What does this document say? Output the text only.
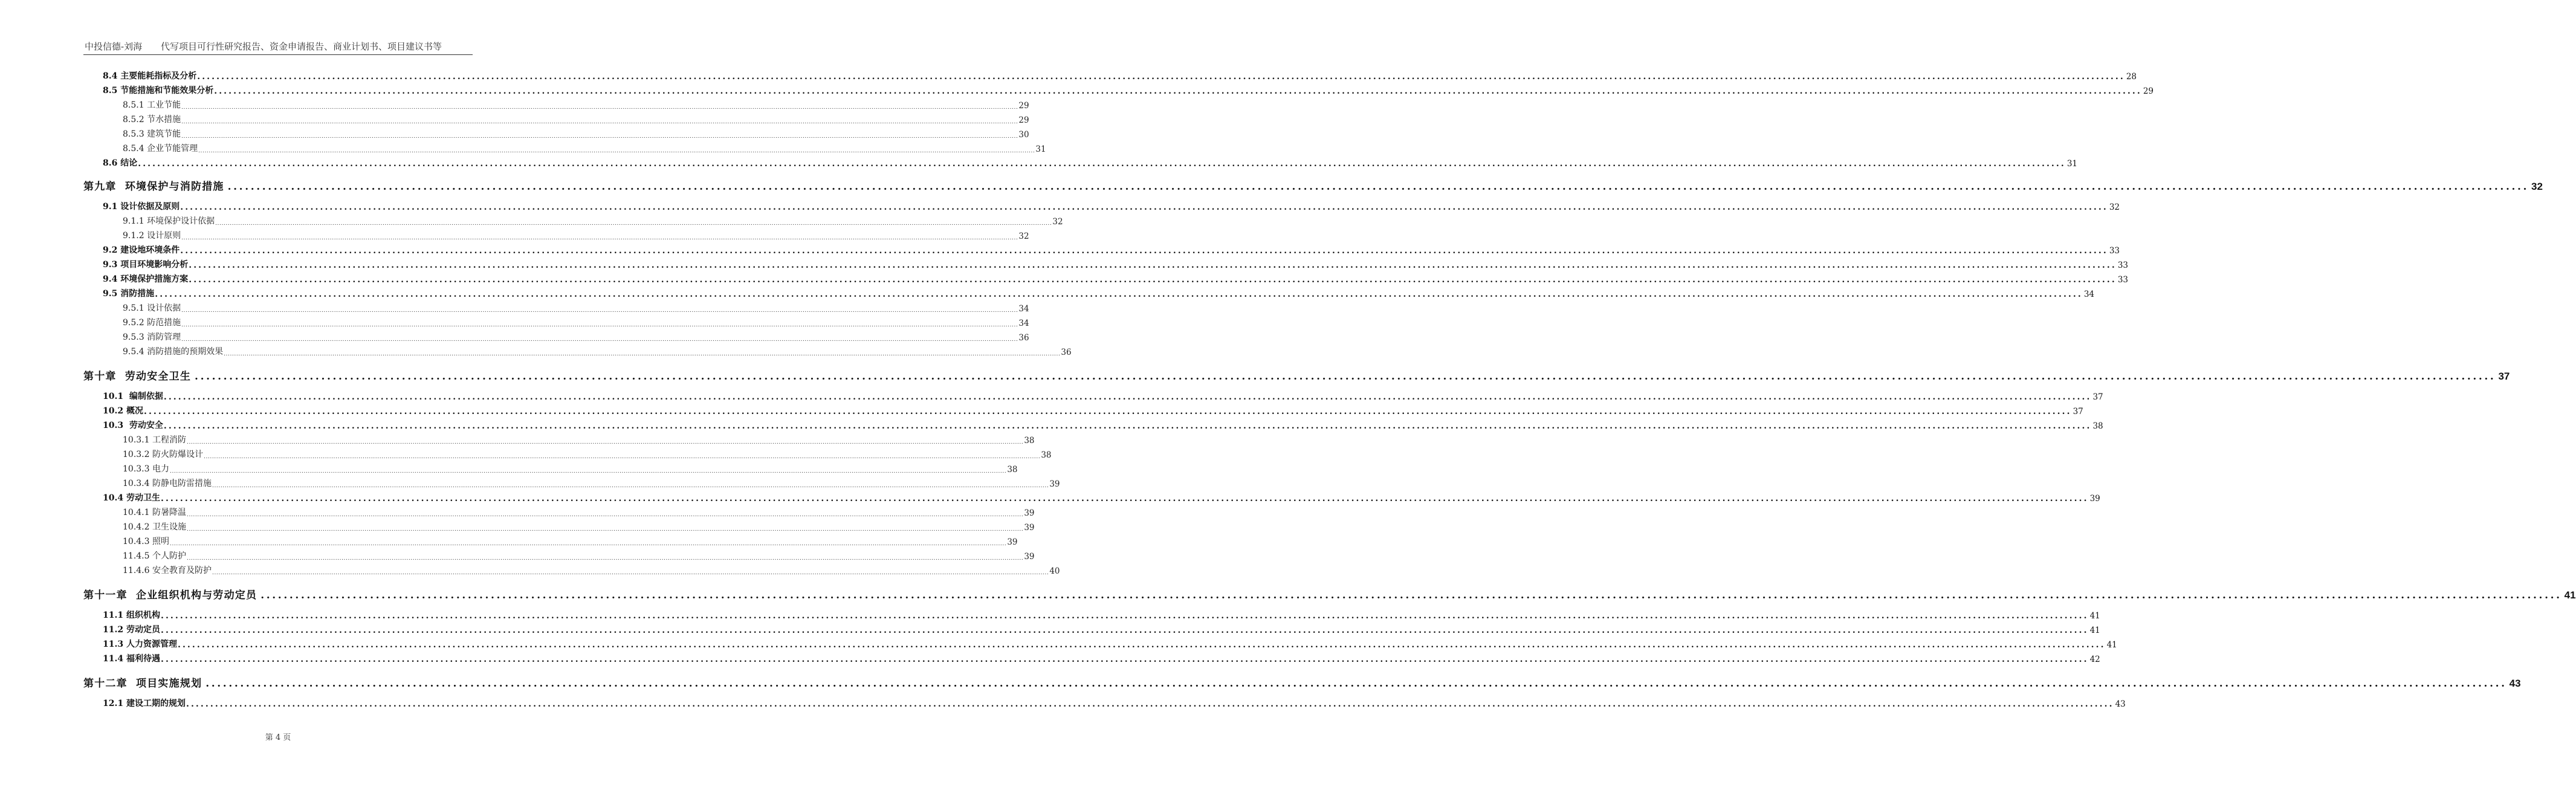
中投信德-刘海 代写项目可行性研究报告、资金申请报告、商业计划书、项目建议书等
8.4 主要能耗指标及分析 ................................................................................................................................................................................................................................................................................................................................................................................................................ 28
8.5 节能措施和节能效果分析 ................................................................................................................................................................................................................................................................................................................................................................................................................ 29
8.5.1 工业节能 ................................................................................................................................................................................................................................................................................................................................................................................................................ 29
8.5.2 节水措施 ................................................................................................................................................................................................................................................................................................................................................................................................................ 29
8.5.3 建筑节能 ................................................................................................................................................................................................................................................................................................................................................................................................................ 30
8.5.4 企业节能管理 ................................................................................................................................................................................................................................................................................................................................................................................................................ 31
8.6 结论 ................................................................................................................................................................................................................................................................................................................................................................................................................ 31
第九章  环境保护与消防措施 ................................................................................................................................................................................................................................................................................................................................................................................................................ 32
9.1 设计依据及原则 ................................................................................................................................................................................................................................................................................................................................................................................................................ 32
9.1.1 环境保护设计依据 ................................................................................................................................................................................................................................................................................................................................................................................................................ 32
9.1.2 设计原则 ................................................................................................................................................................................................................................................................................................................................................................................................................ 32
9.2 建设地环境条件 ................................................................................................................................................................................................................................................................................................................................................................................................................ 33
9.3 项目环境影响分析 ................................................................................................................................................................................................................................................................................................................................................................................................................ 33
9.4 环境保护措施方案 ................................................................................................................................................................................................................................................................................................................................................................................................................ 33
9.5 消防措施 ................................................................................................................................................................................................................................................................................................................................................................................................................ 34
9.5.1 设计依据 ................................................................................................................................................................................................................................................................................................................................................................................................................ 34
9.5.2 防范措施 ................................................................................................................................................................................................................................................................................................................................................................................................................ 34
9.5.3 消防管理 ................................................................................................................................................................................................................................................................................................................................................................................................................ 36
9.5.4 消防措施的预期效果 ................................................................................................................................................................................................................................................................................................................................................................................................................ 36
第十章  劳动安全卫生 ................................................................................................................................................................................................................................................................................................................................................................................................................ 37
10.1  编制依据 ................................................................................................................................................................................................................................................................................................................................................................................................................ 37
10.2 概况 ................................................................................................................................................................................................................................................................................................................................................................................................................ 37
10.3  劳动安全 ................................................................................................................................................................................................................................................................................................................................................................................................................ 38
10.3.1 工程消防 ................................................................................................................................................................................................................................................................................................................................................................................................................ 38
10.3.2 防火防爆设计 ................................................................................................................................................................................................................................................................................................................................................................................................................ 38
10.3.3 电力 ................................................................................................................................................................................................................................................................................................................................................................................................................ 38
10.3.4 防静电防雷措施 ................................................................................................................................................................................................................................................................................................................................................................................................................ 39
10.4 劳动卫生 ................................................................................................................................................................................................................................................................................................................................................................................................................ 39
10.4.1 防暑降温 ................................................................................................................................................................................................................................................................................................................................................................................................................ 39
10.4.2 卫生设施 ................................................................................................................................................................................................................................................................................................................................................................................................................ 39
10.4.3 照明 ................................................................................................................................................................................................................................................................................................................................................................................................................ 39
11.4.5 个人防护 ................................................................................................................................................................................................................................................................................................................................................................................................................ 39
11.4.6 安全教育及防护 ................................................................................................................................................................................................................................................................................................................................................................................................................ 40
第十一章  企业组织机构与劳动定员 ................................................................................................................................................................................................................................................................................................................................................................................................................ 41
11.1 组织机构 ................................................................................................................................................................................................................................................................................................................................................................................................................ 41
11.2 劳动定员 ................................................................................................................................................................................................................................................................................................................................................................................................................ 41
11.3 人力资源管理 ................................................................................................................................................................................................................................................................................................................................................................................................................ 41
11.4 福利待遇 ................................................................................................................................................................................................................................................................................................................................................................................................................ 42
第十二章  项目实施规划 ................................................................................................................................................................................................................................................................................................................................................................................................................ 43
12.1 建设工期的规划 ................................................................................................................................................................................................................................................................................................................................................................................................................ 43
第 4 页
